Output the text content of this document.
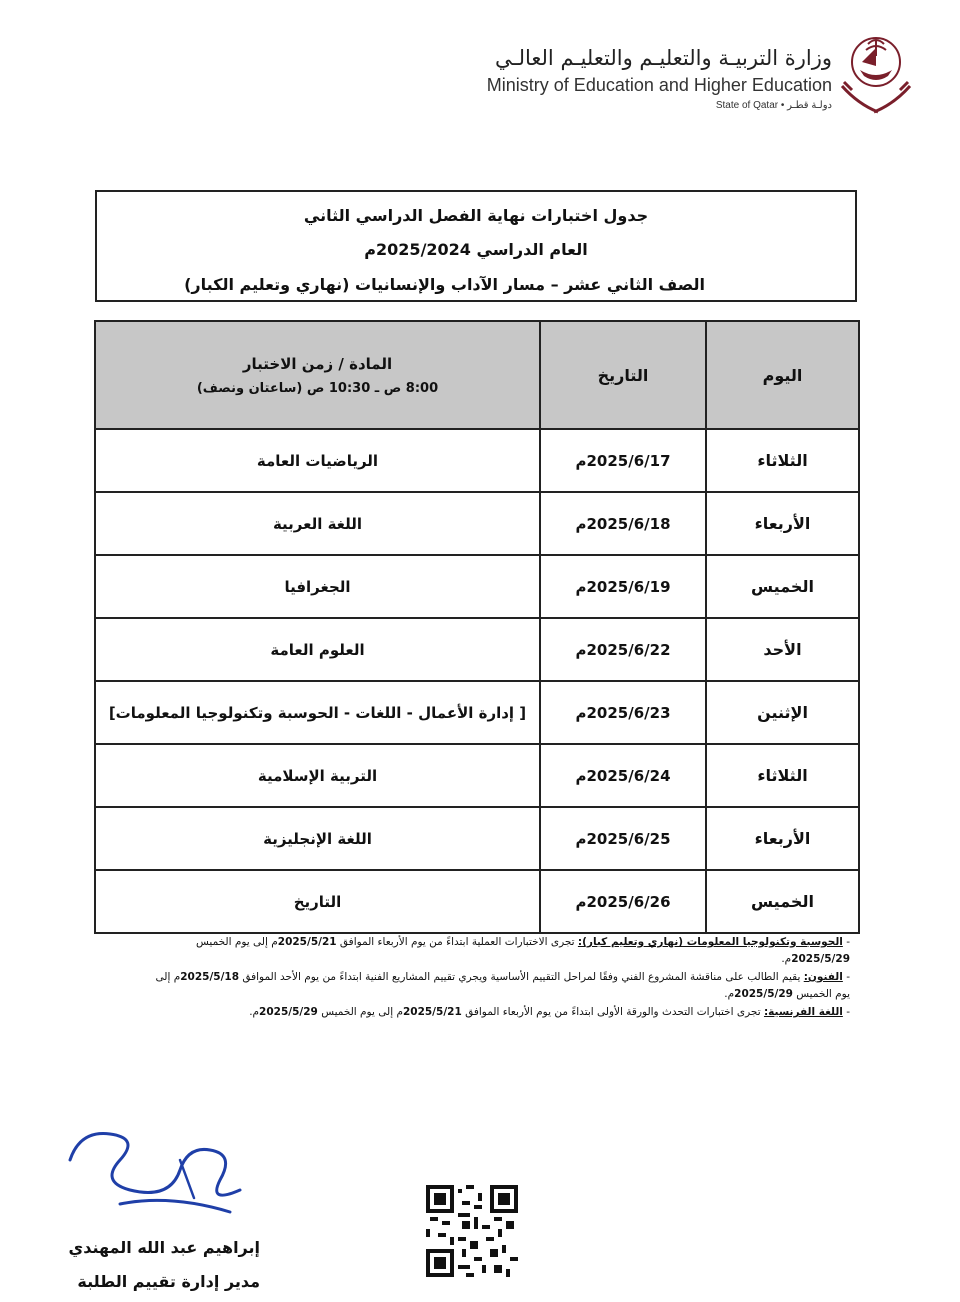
وزارة التربيـة والتعليـم والتعليـم العالـي
Ministry of Education and Higher Education
State of Qatar • دولـة قطـر
جدول اختبارات نهاية الفصل الدراسي الثاني
العام الدراسي 2025/2024م
الصف الثاني عشر – مسار الآداب والإنسانيات (نهاري وتعليم الكبار)
اليوم	التاريخ	المادة / زمن الاختبار
8:00 ص ـ 10:30 ص (ساعتان ونصف)

الثلاثاء	2025/6/17م	الرياضيات العامة
الأربعاء	2025/6/18م	اللغة العربية
الخميس	2025/6/19م	الجغرافيا
الأحد	2025/6/22م	العلوم العامة
الإثنين	2025/6/23م	[ إدارة الأعمال - اللغات - الحوسبة وتكنولوجيا المعلومات]
الثلاثاء	2025/6/24م	التربية الإسلامية
الأربعاء	2025/6/25م	اللغة الإنجليزية
الخميس	2025/6/26م	التاريخ

- الحوسبة وتكنولوجيا المعلومات (نهاري وتعليم كبار): تجرى الاختبارات العملية ابتداءً من يوم الأربعاء الموافق 2025/5/21م إلى يوم الخميس 2025/5/29م.

- الفنون: يقيم الطالب على مناقشة المشروع الفني وفقًا لمراحل التقييم الأساسية ويجري تقييم المشاريع الفنية ابتداءً من يوم الأحد الموافق 2025/5/18م إلى يوم الخميس 2025/5/29م.

- اللغة الفرنسية: تجرى اختبارات التحدث والورقة الأولى ابتداءً من يوم الأربعاء الموافق 2025/5/21م إلى يوم الخميس 2025/5/29م.

إبراهيم عبد الله المهندي
مدير إدارة تقييم الطلبة
